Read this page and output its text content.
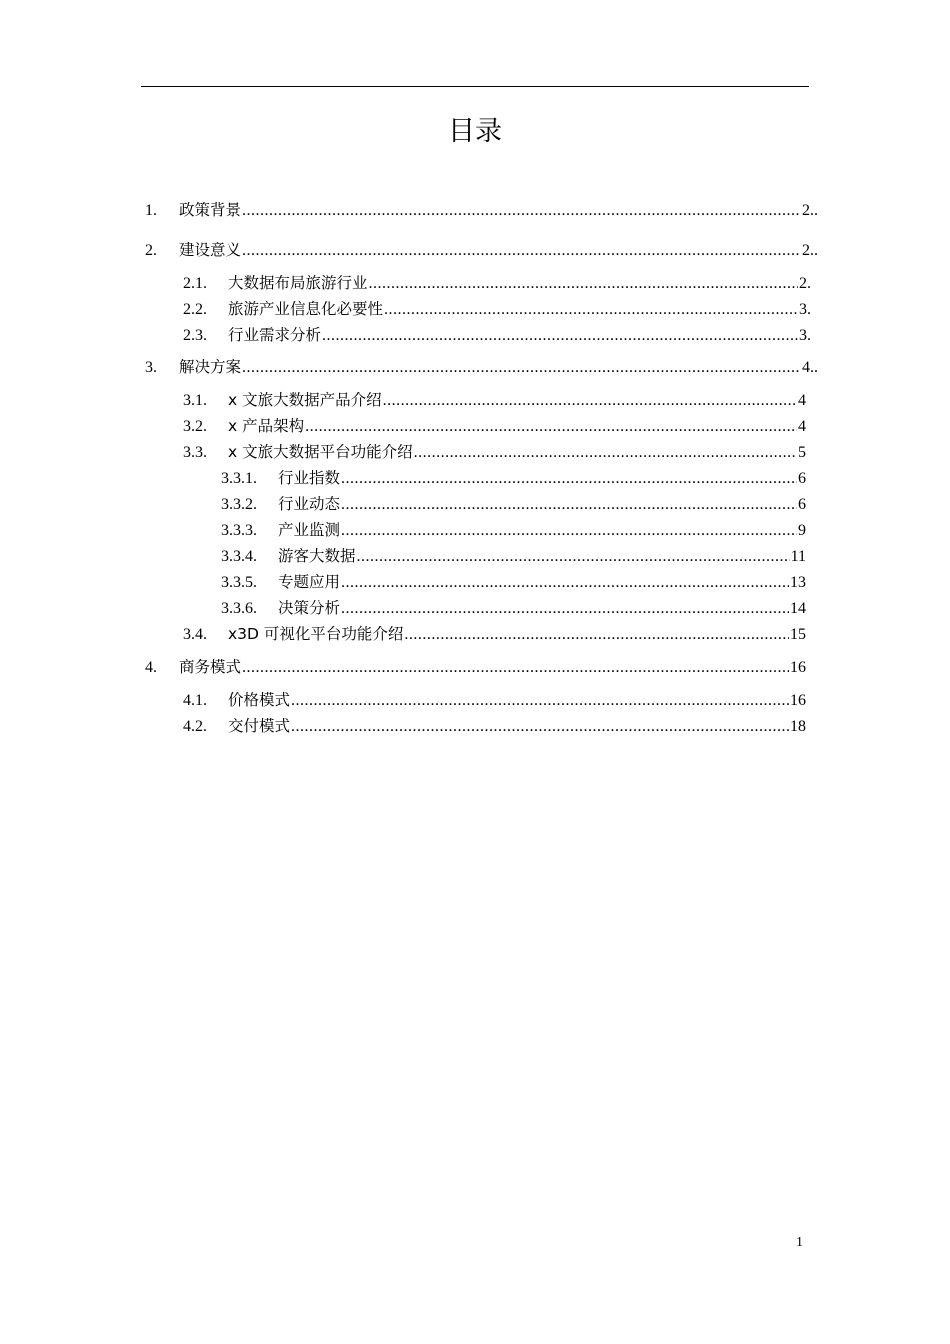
目录
1.	政策背景 .....	2..
2.	建设意义 .....	2..
2.1.	大数据布局旅游行业 .....	2.
2.2.	旅游产业信息化必要性 .....	3.
2.3.	行业需求分析 .....	3.
3.	解决方案 .....	4..
3.1.	x 文旅大数据产品介绍 .....	4
3.2.	x 产品架构 .....	4
3.3.	x 文旅大数据平台功能介绍 .....	5
3.3.1.	行业指数 .....	6
3.3.2.	行业动态 .....	6
3.3.3.	产业监测 .....	9
3.3.4.	游客大数据 .....	11
3.3.5.	专题应用 .....	13
3.3.6.	决策分析 .....	14
3.4.	x3D 可视化平台功能介绍 .....	15
4.	商务模式 .....	16
4.1.	价格模式 .....	16
4.2.	交付模式 .....	18
1
